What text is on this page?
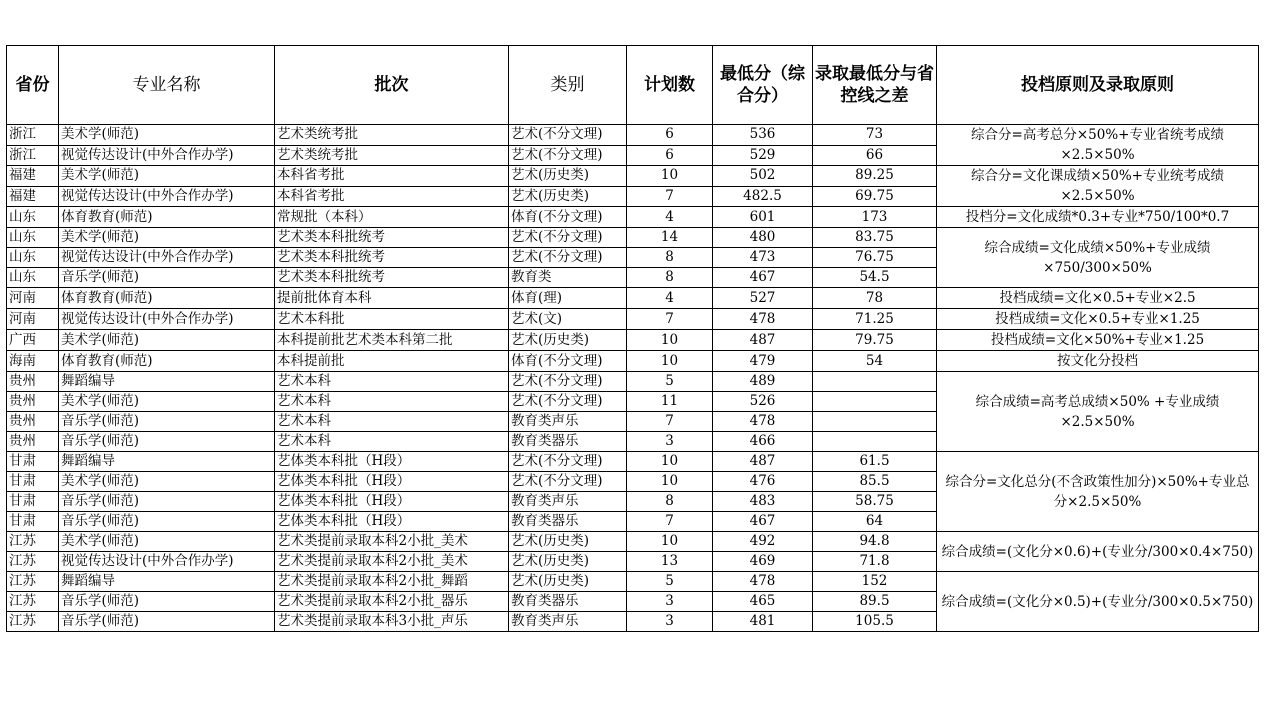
省份	专业名称	批次	类别	计划数	最低分（综合分）	录取最低分与省控线之差	投档原则及录取原则
浙江	美术学(师范)	艺术类统考批	艺术(不分文理)	6	536	73	综合分=高考总分×50%+专业省统考成绩×2.5×50%
浙江	视觉传达设计(中外合作办学)	艺术类统考批	艺术(不分文理)	6	529	66	
福建	美术学(师范)	本科省考批	艺术(历史类)	10	502	89.25	综合分=文化课成绩×50%+专业统考成绩×2.5×50%
福建	视觉传达设计(中外合作办学)	本科省考批	艺术(历史类)	7	482.5	69.75	
山东	体育教育(师范)	常规批（本科）	体育(不分文理)	4	601	173	投档分=文化成绩*0.3+专业*750/100*0.7
山东	美术学(师范)	艺术类本科批统考	艺术(不分文理)	14	480	83.75	综合成绩=文化成绩×50%+专业成绩×750/300×50%
山东	视觉传达设计(中外合作办学)	艺术类本科批统考	艺术(不分文理)	8	473	76.75	
山东	音乐学(师范)	艺术类本科批统考	教育类	8	467	54.5	
河南	体育教育(师范)	提前批体育本科	体育(理)	4	527	78	投档成绩=文化×0.5+专业×2.5
河南	视觉传达设计(中外合作办学)	艺术本科批	艺术(文)	7	478	71.25	投档成绩=文化×0.5+专业×1.25
广西	美术学(师范)	本科提前批艺术类本科第二批	艺术(历史类)	10	487	79.75	投档成绩=文化×50%+专业×1.25
海南	体育教育(师范)	本科提前批	体育(不分文理)	10	479	54	按文化分投档
贵州	舞蹈编导	艺术本科	艺术(不分文理)	5	489		综合成绩=高考总成绩×50% +专业成绩×2.5×50%
贵州	美术学(师范)	艺术本科	艺术(不分文理)	11	526		
贵州	音乐学(师范)	艺术本科	教育类声乐	7	478		
贵州	音乐学(师范)	艺术本科	教育类器乐	3	466		
甘肃	舞蹈编导	艺体类本科批（H段）	艺术(不分文理)	10	487	61.5	综合分=文化总分(不含政策性加分)×50%+专业总分×2.5×50%
甘肃	美术学(师范)	艺体类本科批（H段）	艺术(不分文理)	10	476	85.5	
甘肃	音乐学(师范)	艺体类本科批（H段）	教育类声乐	8	483	58.75	
甘肃	音乐学(师范)	艺体类本科批（H段）	教育类器乐	7	467	64	
江苏	美术学(师范)	艺术类提前录取本科2小批_美术	艺术(历史类)	10	492	94.8	综合成绩=(文化分×0.6)+(专业分/300×0.4×750)
江苏	视觉传达设计(中外合作办学)	艺术类提前录取本科2小批_美术	艺术(历史类)	13	469	71.8	
江苏	舞蹈编导	艺术类提前录取本科2小批_舞蹈	艺术(历史类)	5	478	152	综合成绩=(文化分×0.5)+(专业分/300×0.5×750)
江苏	音乐学(师范)	艺术类提前录取本科2小批_器乐	教育类器乐	3	465	89.5	
江苏	音乐学(师范)	艺术类提前录取本科3小批_声乐	教育类声乐	3	481	105.5	
